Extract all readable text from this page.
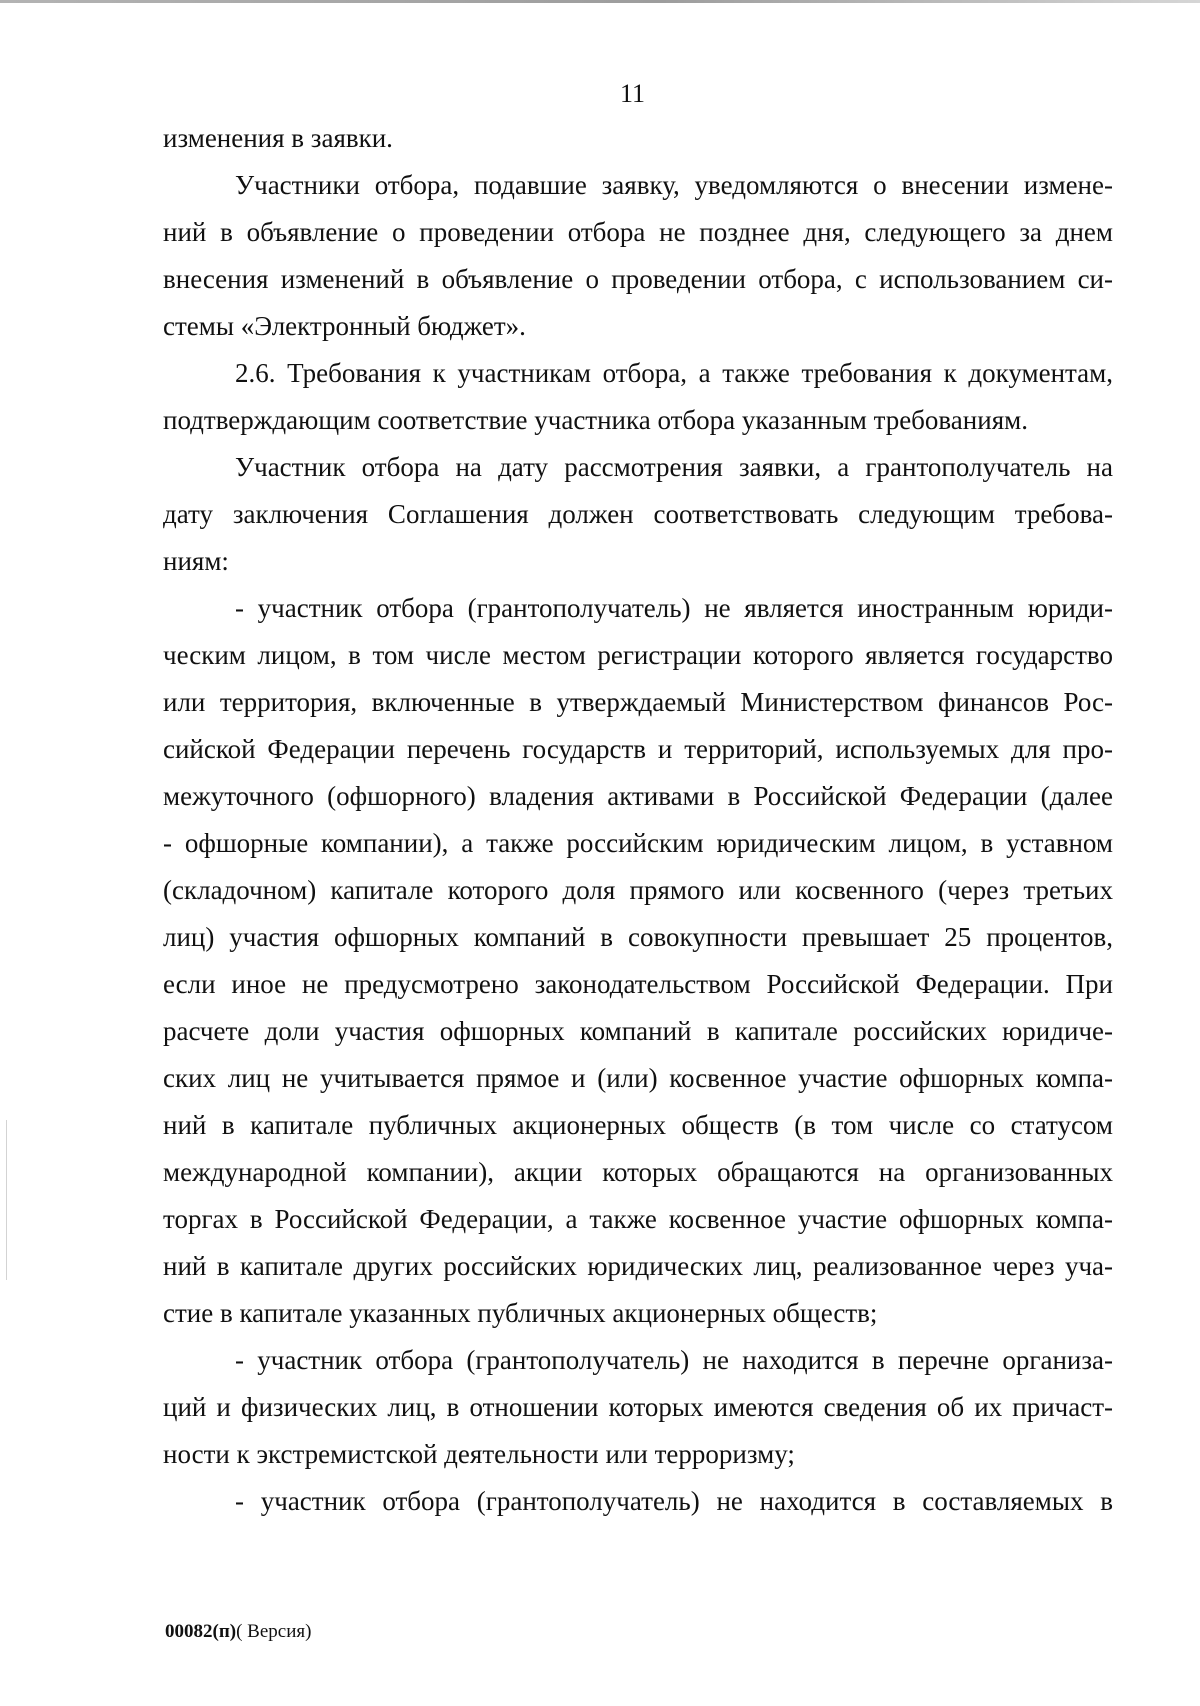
11
изменения в заявки.
Участники отбора, подавшие заявку, уведомляются о внесении измене-
ний в объявление о проведении отбора не позднее дня, следующего за днем
внесения изменений в объявление о проведении отбора, с использованием си-
стемы «Электронный бюджет».
2.6. Требования к участникам отбора, а также требования к документам,
подтверждающим соответствие участника отбора указанным требованиям.
Участник отбора на дату рассмотрения заявки, а грантополучатель на
дату заключения Соглашения должен соответствовать следующим требова-
ниям:
- участник отбора (грантополучатель) не является иностранным юриди-
ческим лицом, в том числе местом регистрации которого является государство
или территория, включенные в утверждаемый Министерством финансов Рос-
сийской Федерации перечень государств и территорий, используемых для про-
межуточного (офшорного) владения активами в Российской Федерации (далее
- офшорные компании), а также российским юридическим лицом, в уставном
(складочном) капитале которого доля прямого или косвенного (через третьих
лиц) участия офшорных компаний в совокупности превышает 25 процентов,
если иное не предусмотрено законодательством Российской Федерации. При
расчете доли участия офшорных компаний в капитале российских юридиче-
ских лиц не учитывается прямое и (или) косвенное участие офшорных компа-
ний в капитале публичных акционерных обществ (в том числе со статусом
международной компании), акции которых обращаются на организованных
торгах в Российской Федерации, а также косвенное участие офшорных компа-
ний в капитале других российских юридических лиц, реализованное через уча-
стие в капитале указанных публичных акционерных обществ;
- участник отбора (грантополучатель) не находится в перечне организа-
ций и физических лиц, в отношении которых имеются сведения об их причаст-
ности к экстремистской деятельности или терроризму;
- участник отбора (грантополучатель) не находится в составляемых в
00082(п)( Версия)
